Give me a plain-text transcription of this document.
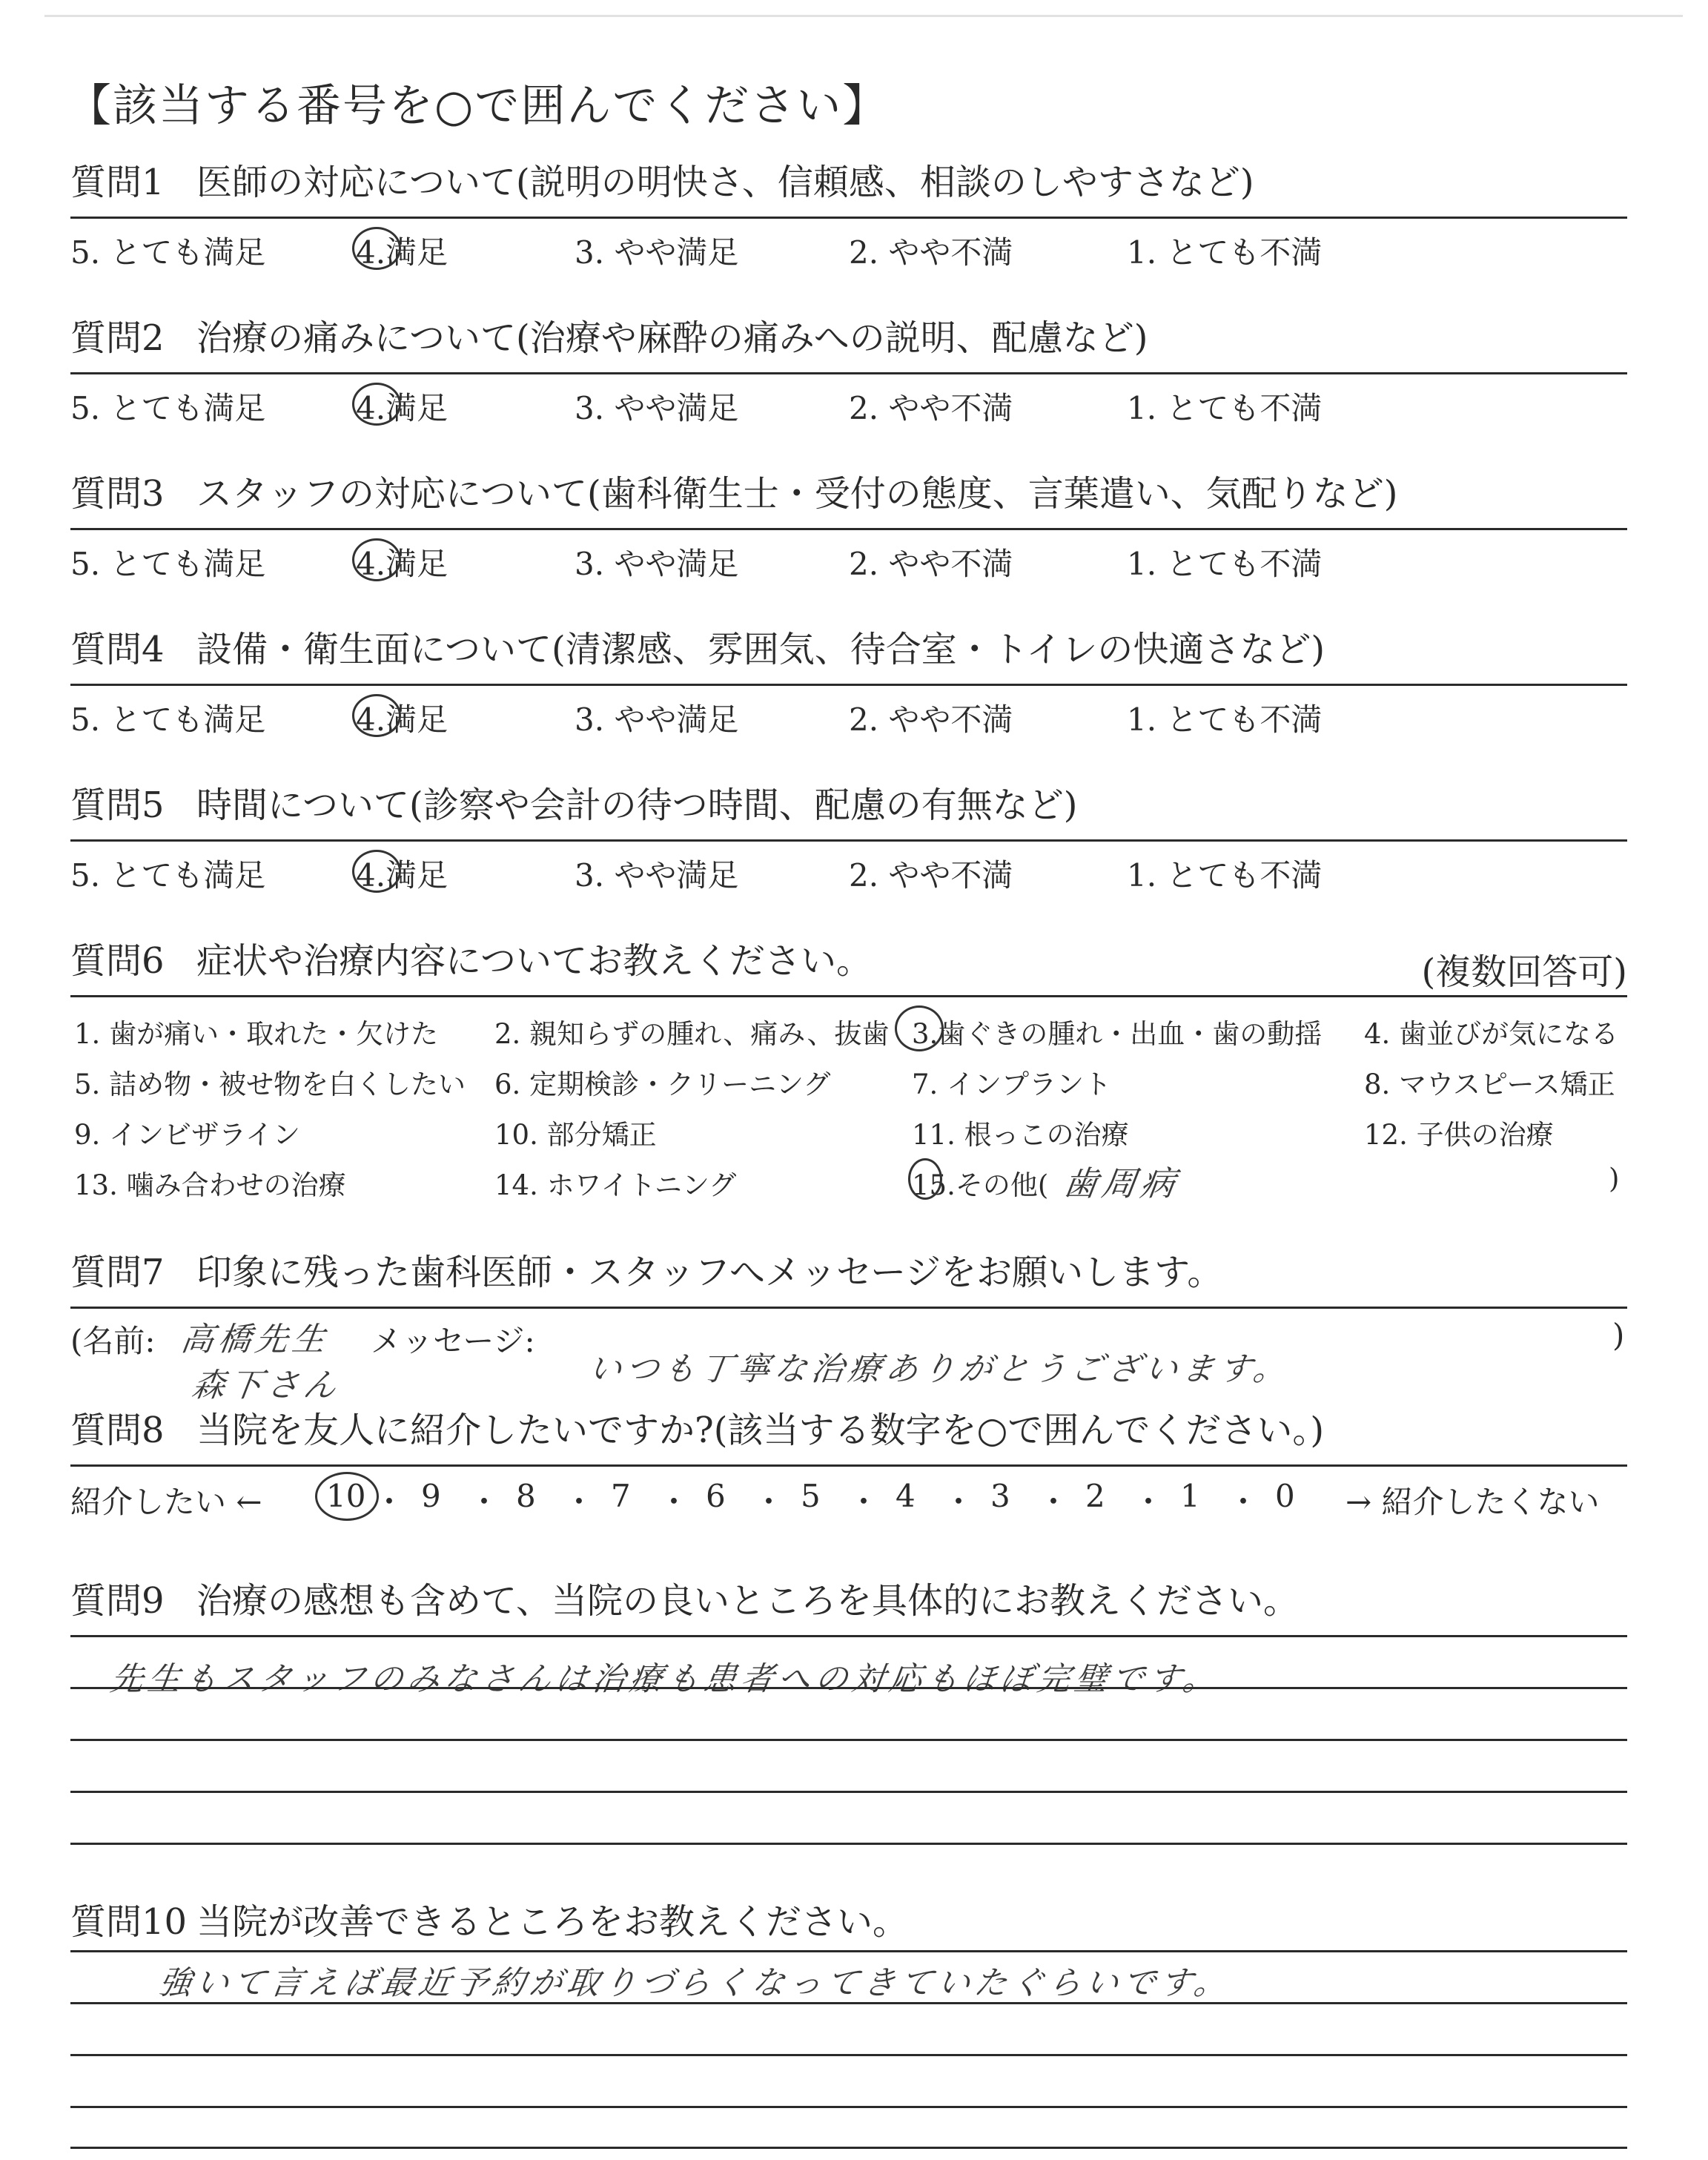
【該当する番号を○で囲んでください】
質問1 医師の対応について(説明の明快さ、信頼感、相談のしやすさなど)
5. とても満足	4.満足	3. やや満足	2. やや不満	1. とても不満
質問2 治療の痛みについて(治療や麻酔の痛みへの説明、配慮など)
5. とても満足	4.満足	3. やや満足	2. やや不満	1. とても不満
質問3 スタッフの対応について(歯科衛生士・受付の態度、言葉遣い、気配りなど)
5. とても満足	4.満足	3. やや満足	2. やや不満	1. とても不満
質問4 設備・衛生面について(清潔感、雰囲気、待合室・トイレの快適さなど)
5. とても満足	4.満足	3. やや満足	2. やや不満	1. とても不満
質問5 時間について(診察や会計の待つ時間、配慮の有無など)
5. とても満足	4.満足	3. やや満足	2. やや不満	1. とても不満
質問6 症状や治療内容についてお教えください。	(複数回答可)
1. 歯が痛い・取れた・欠けた 2. 親知らずの腫れ、痛み、抜歯 3.歯ぐきの腫れ・出血・歯の動揺 4. 歯並びが気になる
5. 詰め物・被せ物を白くしたい 6. 定期検診・クリーニング	7. インプラント	8. マウスピース矯正
9. インビザライン	10. 部分矯正	11. 根っこの治療	12. 子供の治療
13. 噛み合わせの治療	14. ホワイトニング	15.その他( 歯周病	)
質問7 印象に残った歯科医師・スタッフへメッセージをお願いします。
(名前: 高橋先生
森下さん
メッセージ:
いつも丁寧な治療ありがとうございます。
)
質問8 当院を友人に紹介したいですか?(該当する数字を○で囲んでください。)
紹介したい ← 10 ・ 9 ・ 8 ・ 7 ・ 6 ・ 5 ・ 4 ・ 3 ・ 2 ・ 1 ・ 0 → 紹介したくない
質問9 治療の感想も含めて、当院の良いところを具体的にお教えください。
先生もスタッフのみなさんは治療も患者への対応もほぼ完璧です。
質問10 当院が改善できるところをお教えください。
強いて言えば最近予約が取りづらくなってきていたぐらいです。
